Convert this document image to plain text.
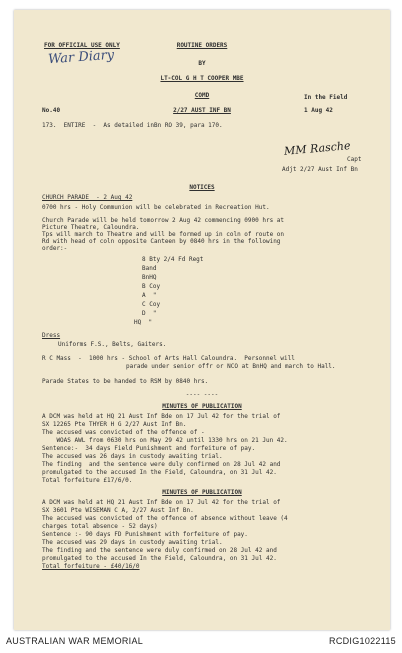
FOR OFFICIAL USE ONLY	ROUTINE ORDERS
War Diary	BY
LT-COL G H T COOPER MBE
COMD
No.40	2/27 AUST INF BN
In the Field
1 Aug 42
173.  ENTIRE  -  As detailed inBn RO 39, para 170.
MM Rasche
Capt
Adjt 2/27 Aust Inf Bn
NOTICES
CHURCH PARADE  - 2 Aug 42
0700 hrs - Holy Communion will be celebrated in Recreation Hut.
Church Parade will be held tomorrow 2 Aug 42 commencing 0900 hrs at
Picture Theatre, Caloundra.
Tps will march to Theatre and will be formed up in coln of route on
Rd with head of coln opposite Canteen by 0840 hrs in the following
order:-
8 Bty 2/4 Fd Regt
Band
BnHQ
B Coy
A  "
C Coy
D  "
HQ  "
Dress
Uniforms F.S., Belts, Gaiters.
R C Mass  -  1000 hrs - School of Arts Hall Caloundra.  Personnel will
parade under senior offr or NCO at BnHQ and march to Hall.
Parade States to be handed to RSM by 0840 hrs.
---- ----
MINUTES OF PUBLICATION
A DCM was held at HQ 21 Aust Inf Bde on 17 Jul 42 for the trial of
SX 12265 Pte THYER H G 2/27 Aust Inf Bn.
The accused was convicted of the offence of -
WOAS AWL from 0630 hrs on May 29 42 until 1330 hrs on 21 Jun 42.
Sentence:-  34 days Field Punishment and forfeiture of pay.
The accused was 26 days in custody awaiting trial.
The finding  and the sentence were duly confirmed on 28 Jul 42 and
promulgated to the accused In the Field, Caloundra, on 31 Jul 42.
Total forfeiture £17/6/0.
MINUTES OF PUBLICATION
A DCM was held at HQ 21 Aust Inf Bde on 17 Jul 42 for the trial of
SX 3601 Pte WISEMAN C A, 2/27 Aust Inf Bn.
The accused was convicted of the offence of absence without leave (4
charges total absence - 52 days)
Sentence :- 90 days FD Punishment with forfeiture of pay.
The accused was 29 days in custody awaiting trial.
The finding and the sentence were duly confirmed on 28 Jul 42 and
promulgated to the accused In the Field, Caloundra, on 31 Jul 42.
Total forfeiture - £40/16/0
AUSTRALIAN WAR MEMORIAL	RCDIG1022115
